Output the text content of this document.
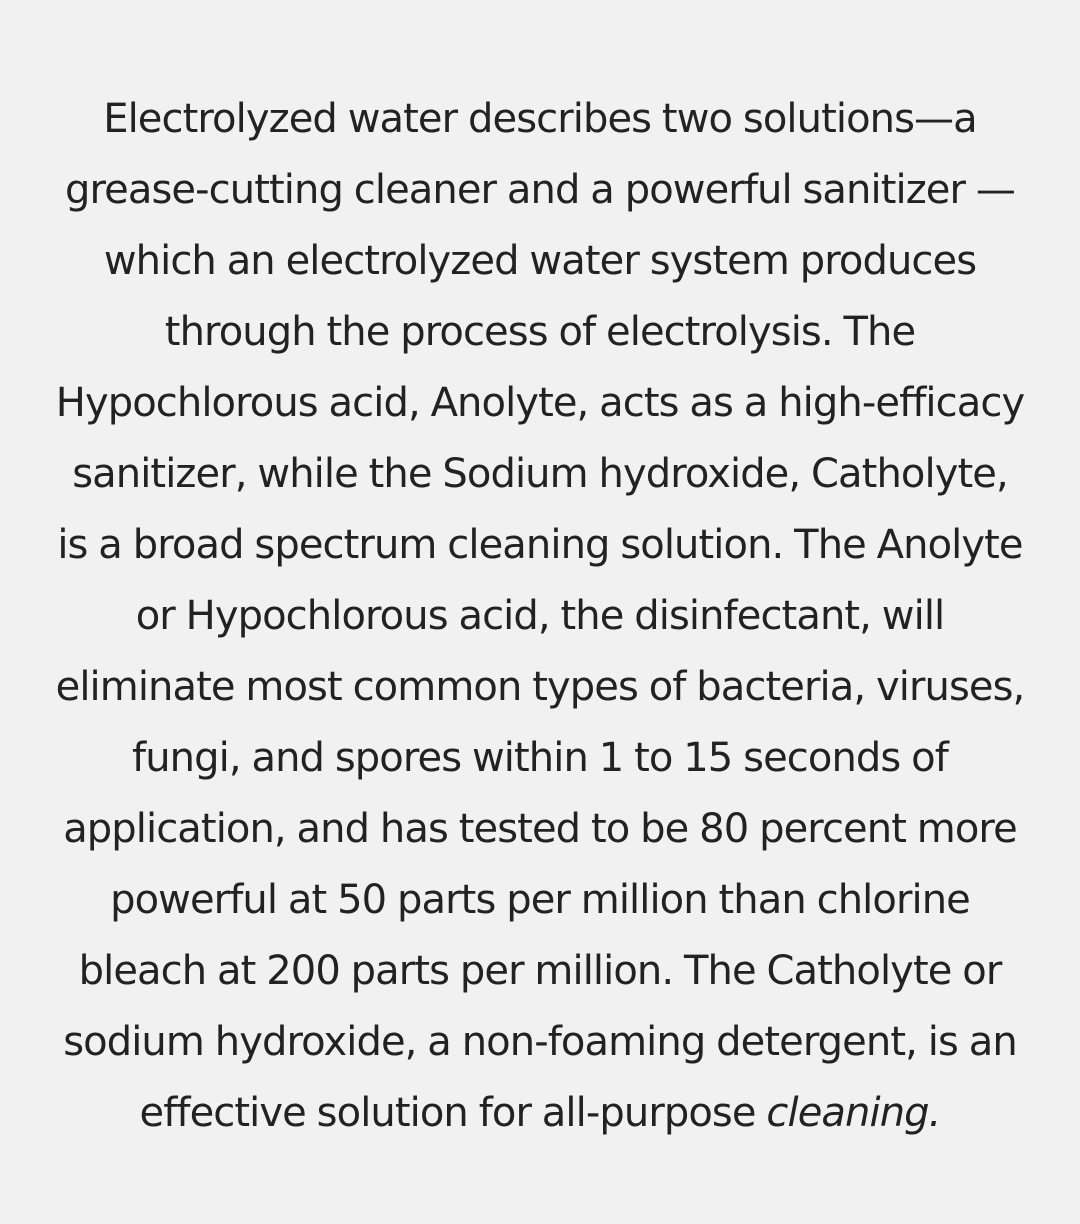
Electrolyzed water describes two solutions—a grease-cutting cleaner and a powerful sanitizer —which an electrolyzed water system produces through the process of electrolysis. The Hypochlorous acid, Anolyte, acts as a high-efficacy sanitizer, while the Sodium hydroxide, Catholyte, is a broad spectrum cleaning solution. The Anolyte or Hypochlorous acid, the disinfectant, will eliminate most common types of bacteria, viruses, fungi, and spores within 1 to 15 seconds of application, and has tested to be 80 percent more powerful at 50 parts per million than chlorine bleach at 200 parts per million. The Catholyte or sodium hydroxide, a non-foaming detergent, is an effective solution for all-purpose cleaning.
